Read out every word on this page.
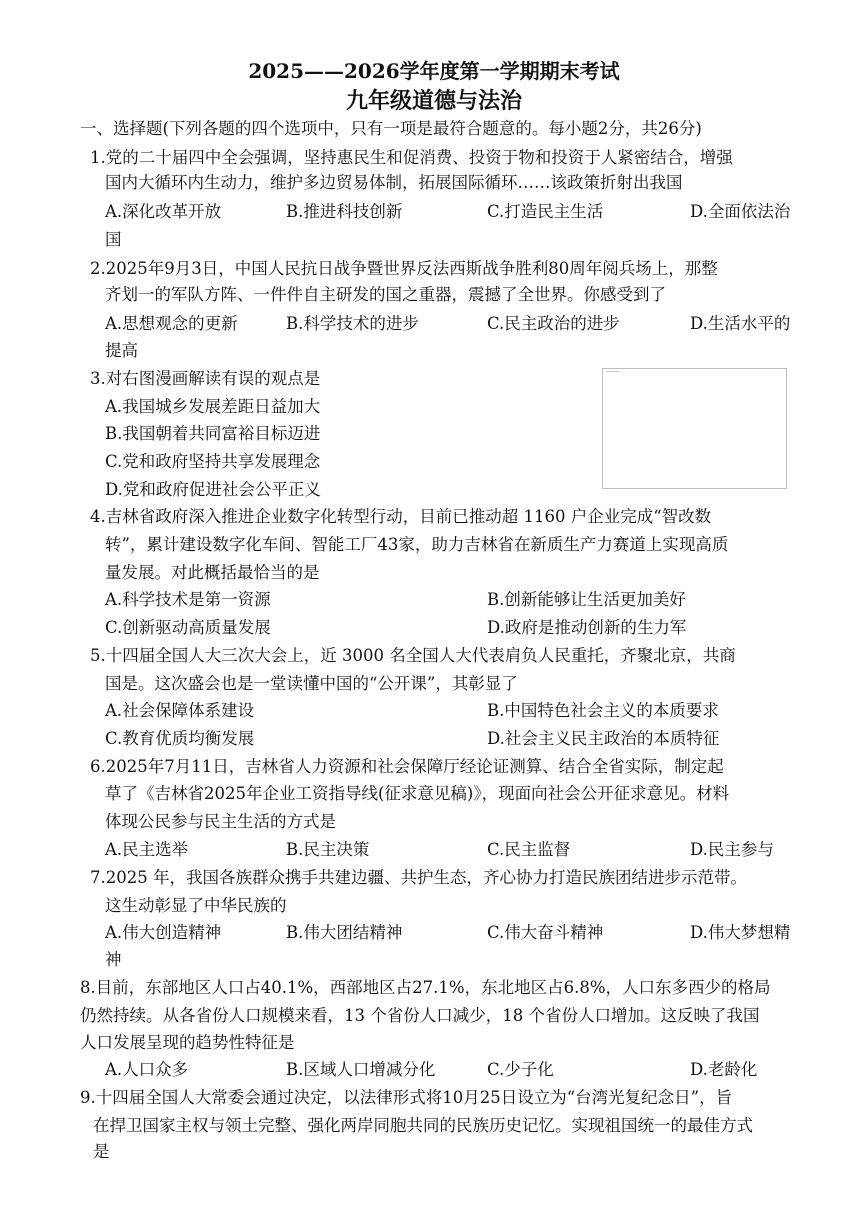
2025——2026学年度第一学期期末考试
九年级道德与法治
一、选择题(下列各题的四个选项中，只有一项是最符合题意的。每小题2分，共26分)
1.党的二十届四中全会强调，坚持惠民生和促消费、投资于物和投资于人紧密结合，增强
国内大循环内生动力，维护多边贸易体制，拓展国际循环……该政策折射出我国
A.深化改革开放	B.推进科技创新	C.打造民主生活	D.全面依法治
国
2.2025年9月3日，中国人民抗日战争暨世界反法西斯战争胜利80周年阅兵场上，那整
齐划一的军队方阵、一件件自主研发的国之重器，震撼了全世界。你感受到了
A.思想观念的更新	B.科学技术的进步	C.民主政治的进步	D.生活水平的
提高
3.对右图漫画解读有误的观点是
A.我国城乡发展差距日益加大
B.我国朝着共同富裕目标迈进
C.党和政府坚持共享发展理念
D.党和政府促进社会公平正义
4.吉林省政府深入推进企业数字化转型行动，目前已推动超 1160 户企业完成“智改数
转”，累计建设数字化车间、智能工厂43家，助力吉林省在新质生产力赛道上实现高质
量发展。对此概括最恰当的是
A.科学技术是第一资源	B.创新能够让生活更加美好
C.创新驱动高质量发展	D.政府是推动创新的生力军
5.十四届全国人大三次大会上，近 3000 名全国人大代表肩负人民重托，齐聚北京，共商
国是。这次盛会也是一堂读懂中国的“公开课”，其彰显了
A.社会保障体系建设	B.中国特色社会主义的本质要求
C.教育优质均衡发展	D.社会主义民主政治的本质特征
6.2025年7月11日，吉林省人力资源和社会保障厅经论证测算、结合全省实际，制定起
草了《吉林省2025年企业工资指导线(征求意见稿)》，现面向社会公开征求意见。材料
体现公民参与民主生活的方式是
A.民主选举	B.民主决策	C.民主监督	D.民主参与
7.2025 年，我国各族群众携手共建边疆、共护生态，齐心协力打造民族团结进步示范带。
这生动彰显了中华民族的
A.伟大创造精神	B.伟大团结精神	C.伟大奋斗精神	D.伟大梦想精
神
8.目前，东部地区人口占40.1%，西部地区占27.1%，东北地区占6.8%，人口东多西少的格局
仍然持续。从各省份人口规模来看，13 个省份人口减少，18 个省份人口增加。这反映了我国
人口发展呈现的趋势性特征是
A.人口众多	B.区域人口增减分化	C.少子化	D.老龄化
9.十四届全国人大常委会通过决定，以法律形式将10月25日设立为“台湾光复纪念日”，旨
在捍卫国家主权与领土完整、强化两岸同胞共同的民族历史记忆。实现祖国统一的最佳方式
是
